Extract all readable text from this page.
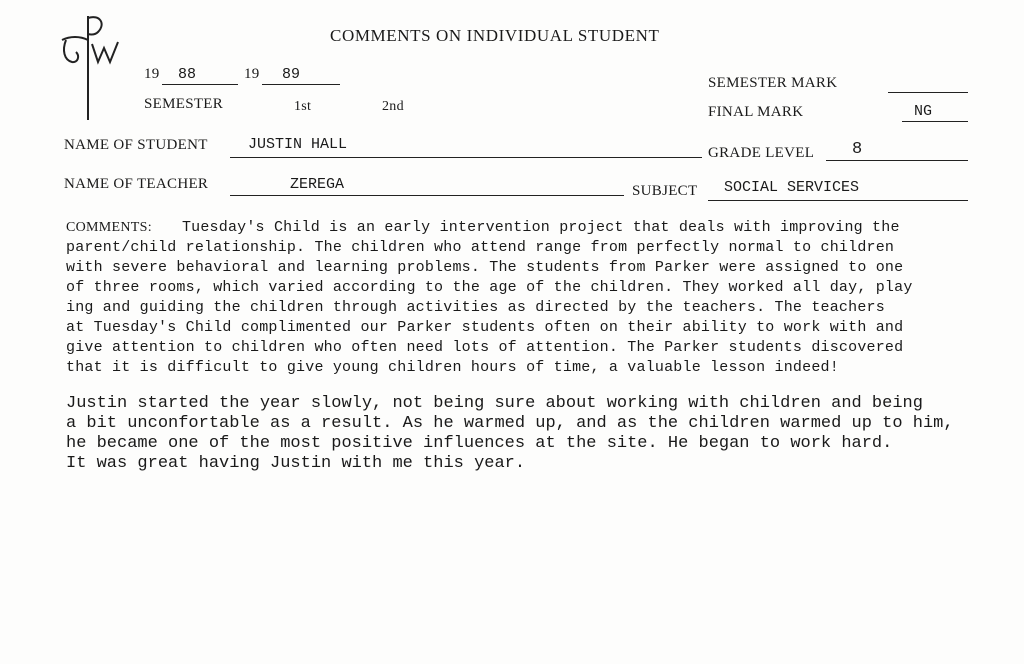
COMMENTS ON INDIVIDUAL STUDENT
19 88	19 89
SEMESTER	1st	2nd
SEMESTER MARK
FINAL MARK	NG
NAME OF STUDENT	JUSTIN HALL	GRADE LEVEL 8
NAME OF TEACHER	ZEREGA	SUBJECT SOCIAL SERVICES

COMMENTS: Tuesday's Child is an early intervention project that deals with improving the

parent/child relationship. The children who attend range from perfectly normal to children

with severe behavioral and learning problems. The students from Parker were assigned to one

of three rooms, which varied according to the age of the children. They worked all day, play

ing and guiding the children through activities as directed by the teachers. The teachers

at Tuesday's Child complimented our Parker students often on their ability to work with and

give attention to children who often need lots of attention. The Parker students discovered

that it is difficult to give young children hours of time, a valuable lesson indeed!

Justin started the year slowly, not being sure about working with children and being

a bit unconfortable as a result. As he warmed up, and as the children warmed up to him,

he became one of the most positive influences at the site. He began to work hard.

It was great having Justin with me this year.
